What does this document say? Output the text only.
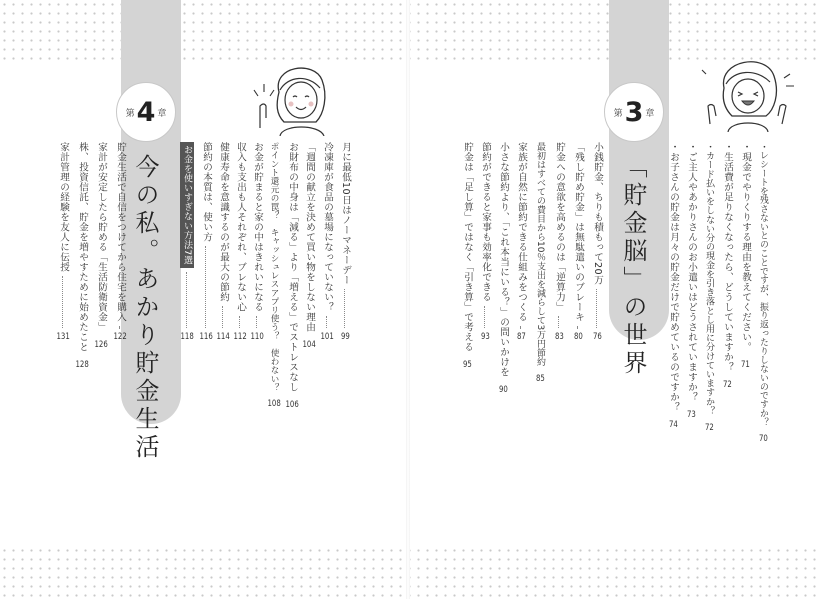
第 4 章
今の私。あかり貯金生活	月に最低10日はノーマネーデー
99
冷凍庫が食品の墓場になっていない？
101
「週間の献立を決めて買い物をしない理由
104
お財布の中身は「減る」より「増える」でストレスなし
106
ポイント還元の罠？　キャッシュレスアプリ使う？　使わない？
108
お金が貯まると家の中はきれいになる
110
収入も支出も人それぞれ、ブレない心
112
健康寿命を意識するのが最大の節約
114
節約の本質は、使い方
116
お金を使いすぎない方法7選
118
貯金生活で自信をつけてから住宅を購入
122
家計が安定したら貯める「生活防衛資金」
126
株、投資信託、貯金を増やすために始めたこと
128
家計管理の経験を友人に伝授
131
第 3 章
「貯金脳」の世界	・レシートを残さないとのことですが、振り返ったりしないのですか？
70
・現金でやりくりする理由を教えてください。
71
・生活費が足りなくなったら、どうしていますか？
72
・カード払いをしない分の現金を引き落とし用に分けていますか？
72
・ご主人やあかりさんのお小遣いはどうされていますか？
73
・お子さんの貯金は月々の貯金だけで貯めているのですか？
74
小銭貯金、ちりも積もって20万
76
「残し貯め貯金」は無駄遣いのブレーキ
80
貯金への意欲を高めるのは「逆算力」
83
最初はすべての費目から10％支出を減らして3万円節約
85
家族が自然に節約できる仕組みをつくる
87
小さな節約より、「これ本当にいる？」の問いかけを
90
節約ができると家事も効率化できる
93
貯金は「足し算」ではなく「引き算」で考える
95
